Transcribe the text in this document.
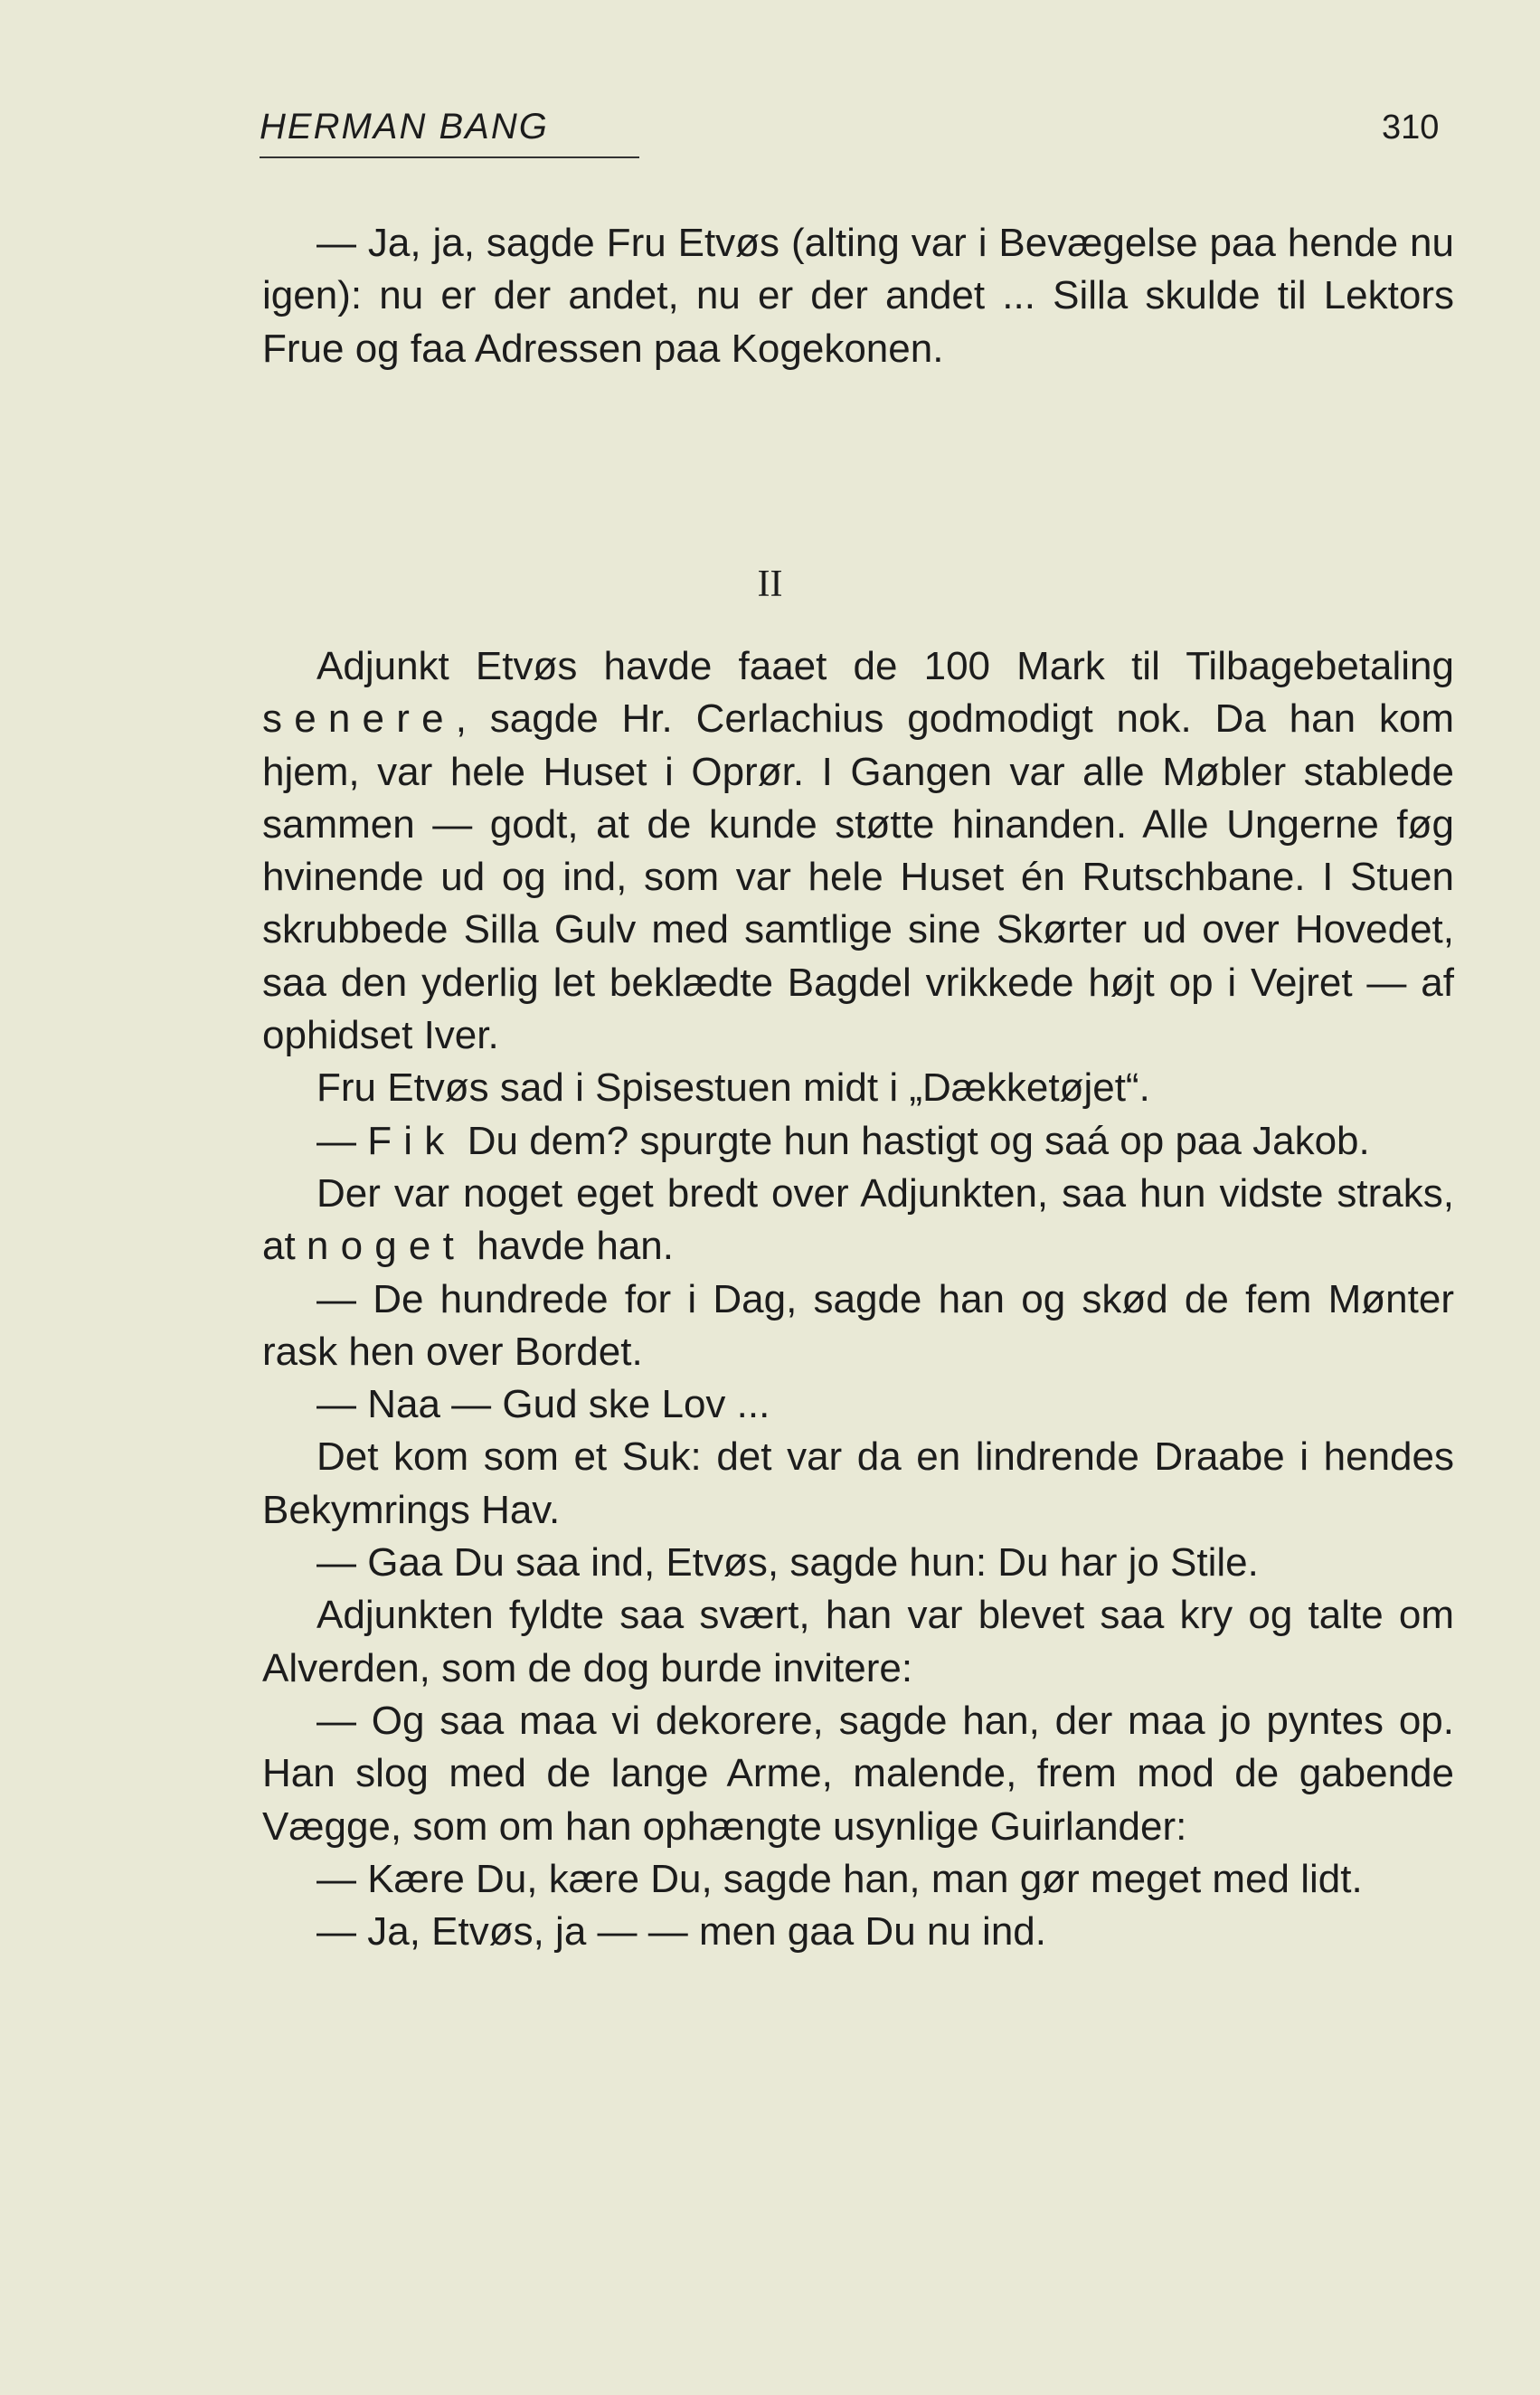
HERMAN BANG	310

— Ja, ja, sagde Fru Etvøs (alting var i Bevægelse paa hende nu igen): nu er der andet, nu er der andet ... Silla skulde til Lektors Frue og faa Adressen paa Kogekonen.

II

Adjunkt Etvøs havde faaet de 100 Mark til Tilbagebetaling senere, sagde Hr. Cerlachius godmodigt nok. Da han kom hjem, var hele Huset i Oprør. I Gangen var alle Møbler stablede sammen — godt, at de kunde støtte hinanden. Alle Ungerne føg hvinende ud og ind, som var hele Huset én Rutschbane. I Stuen skrubbede Silla Gulv med samtlige sine Skørter ud over Hovedet, saa den yderlig let beklædte Bagdel vrikkede højt op i Vejret — af ophidset Iver.

Fru Etvøs sad i Spisestuen midt i „Dækketøjet“.

— Fik Du dem? spurgte hun hastigt og saá op paa Jakob.

Der var noget eget bredt over Adjunkten, saa hun vidste straks, at noget havde han.

— De hundrede for i Dag, sagde han og skød de fem Mønter rask hen over Bordet.

— Naa — Gud ske Lov ...

Det kom som et Suk: det var da en lindrende Draabe i hendes Bekymrings Hav.

— Gaa Du saa ind, Etvøs, sagde hun: Du har jo Stile.

Adjunkten fyldte saa svært, han var blevet saa kry og talte om Alverden, som de dog burde invitere:

— Og saa maa vi dekorere, sagde han, der maa jo pyntes op. Han slog med de lange Arme, malende, frem mod de gabende Vægge, som om han ophængte usynlige Guirlander:

— Kære Du, kære Du, sagde han, man gør meget med lidt.

— Ja, Etvøs, ja — — men gaa Du nu ind.
